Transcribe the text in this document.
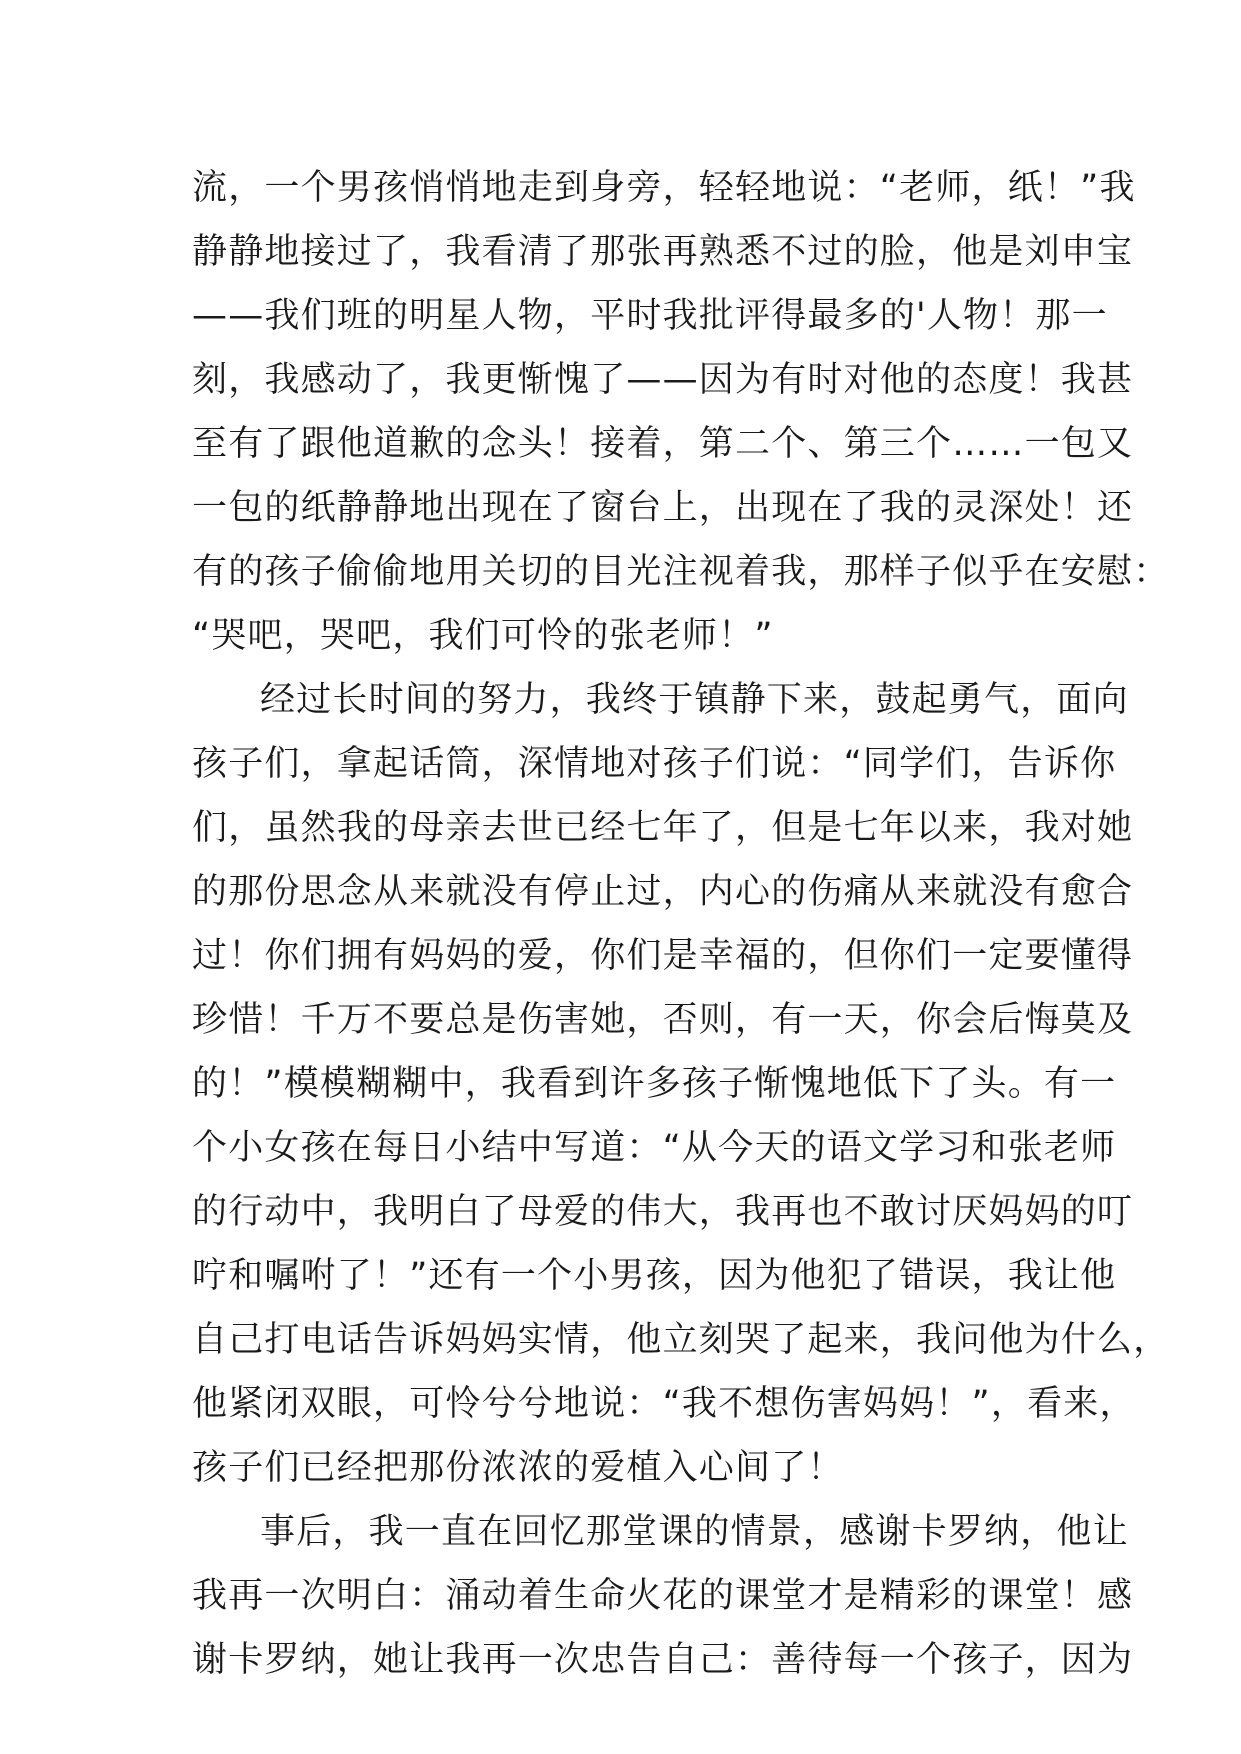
流，一个男孩悄悄地走到身旁，轻轻地说：“老师，纸！”我
静静地接过了，我看清了那张再熟悉不过的脸，他是刘申宝
——我们班的明星人物，平时我批评得最多的'人物！那一
刻，我感动了，我更惭愧了——因为有时对他的态度！我甚
至有了跟他道歉的念头！接着，第二个、第三个……一包又
一包的纸静静地出现在了窗台上，出现在了我的灵深处！还
有的孩子偷偷地用关切的目光注视着我，那样子似乎在安慰：
“哭吧，哭吧，我们可怜的张老师！”
经过长时间的努力，我终于镇静下来，鼓起勇气，面向
孩子们，拿起话筒，深情地对孩子们说：“同学们，告诉你
们，虽然我的母亲去世已经七年了，但是七年以来，我对她
的那份思念从来就没有停止过，内心的伤痛从来就没有愈合
过！你们拥有妈妈的爱，你们是幸福的，但你们一定要懂得
珍惜！千万不要总是伤害她，否则，有一天，你会后悔莫及
的！”模模糊糊中，我看到许多孩子惭愧地低下了头。有一
个小女孩在每日小结中写道：“从今天的语文学习和张老师
的行动中，我明白了母爱的伟大，我再也不敢讨厌妈妈的叮
咛和嘱咐了！”还有一个小男孩，因为他犯了错误，我让他
自己打电话告诉妈妈实情，他立刻哭了起来，我问他为什么，
他紧闭双眼，可怜兮兮地说：“我不想伤害妈妈！”，看来，
孩子们已经把那份浓浓的爱植入心间了！
事后，我一直在回忆那堂课的情景，感谢卡罗纳，他让
我再一次明白：涌动着生命火花的课堂才是精彩的课堂！感
谢卡罗纳，她让我再一次忠告自己：善待每一个孩子，因为
